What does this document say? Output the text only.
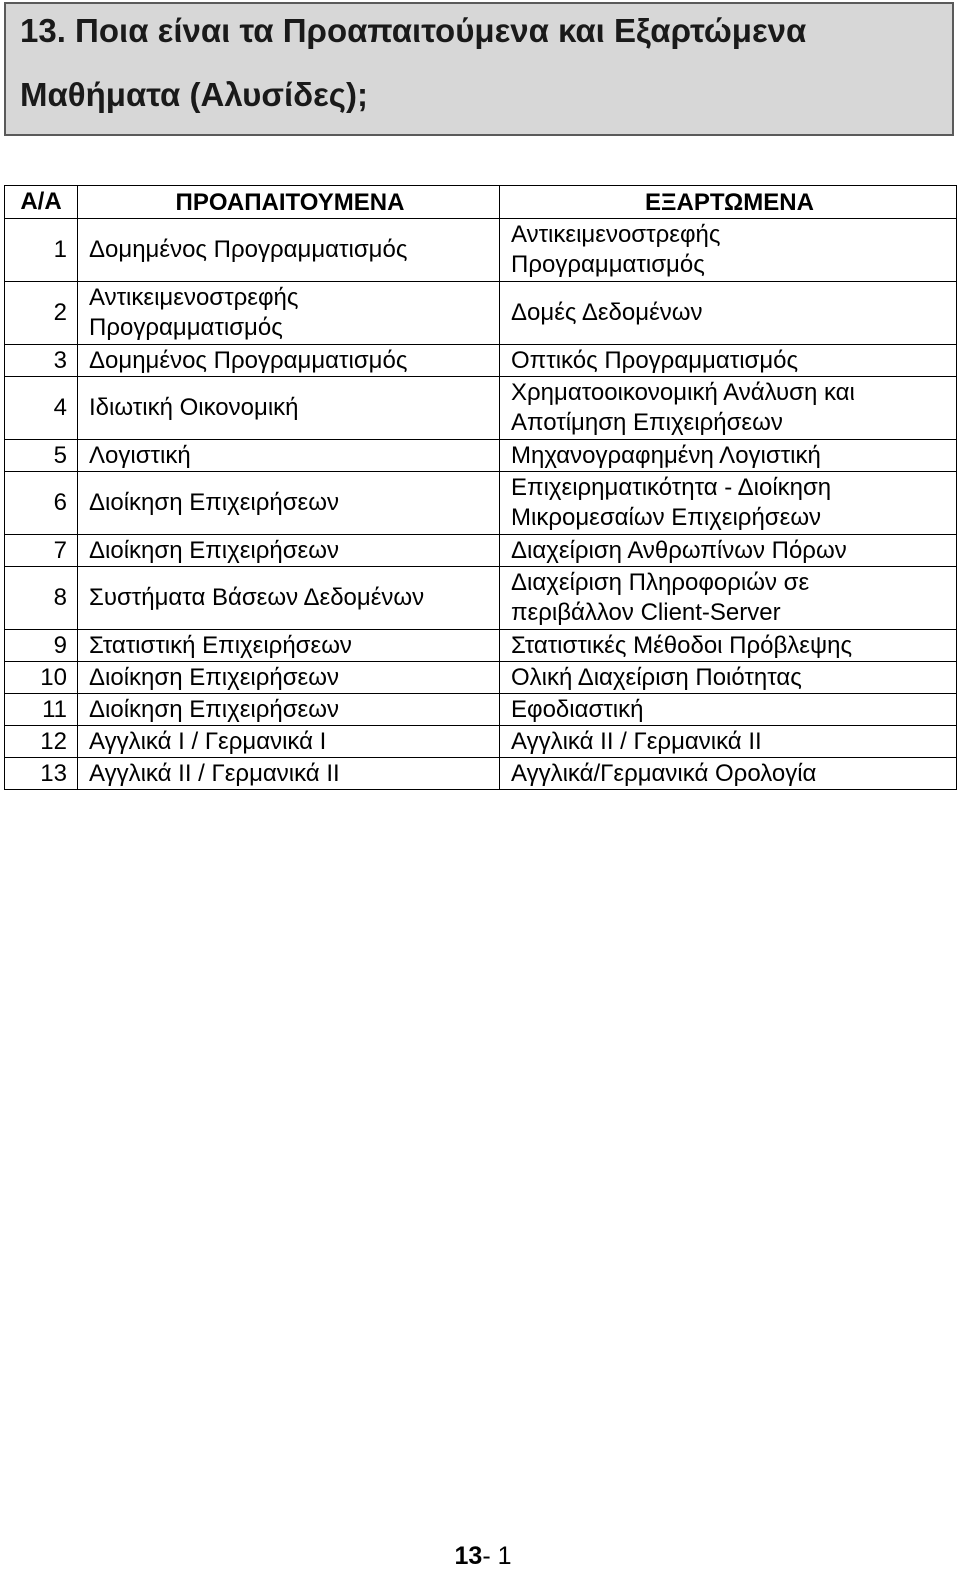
13. Ποια είναι τα Προαπαιτούμενα και Εξαρτώμενα
Μαθήματα (Αλυσίδες);
Α/Α	ΠΡΟΑΠΑΙΤΟΥΜΕΝΑ	ΕΞΑΡΤΩΜΕΝΑ
1	Δομημένος Προγραμματισμός	Αντικειμενοστρεφής Προγραμματισμός

2	Αντικειμενοστρεφής Προγραμματισμός	Δομές Δεδομένων
3	Δομημένος Προγραμματισμός	Οπτικός Προγραμματισμός
4	Ιδιωτική Οικονομική	Χρηματοοικονομική Ανάλυση και Αποτίμηση Επιχειρήσεων

5	Λογιστική	Μηχανογραφημένη Λογιστική
6	Διοίκηση Επιχειρήσεων	Επιχειρηματικότητα - Διοίκηση Μικρομεσαίων Επιχειρήσεων

7	Διοίκηση Επιχειρήσεων	Διαχείριση Ανθρωπίνων Πόρων
8	Συστήματα Βάσεων Δεδομένων	Διαχείριση Πληροφοριών σε περιβάλλον Client-Server

9	Στατιστική Επιχειρήσεων	Στατιστικές Μέθοδοι Πρόβλεψης
10	Διοίκηση Επιχειρήσεων	Ολική Διαχείριση Ποιότητας
11	Διοίκηση Επιχειρήσεων	Εφοδιαστική
12	Αγγλικά Ι / Γερμανικά Ι	Αγγλικά ΙΙ / Γερμανικά ΙΙ
13	Αγγλικά ΙΙ / Γερμανικά ΙΙ	Αγγλικά/Γερμανικά Ορολογία
13- 1
